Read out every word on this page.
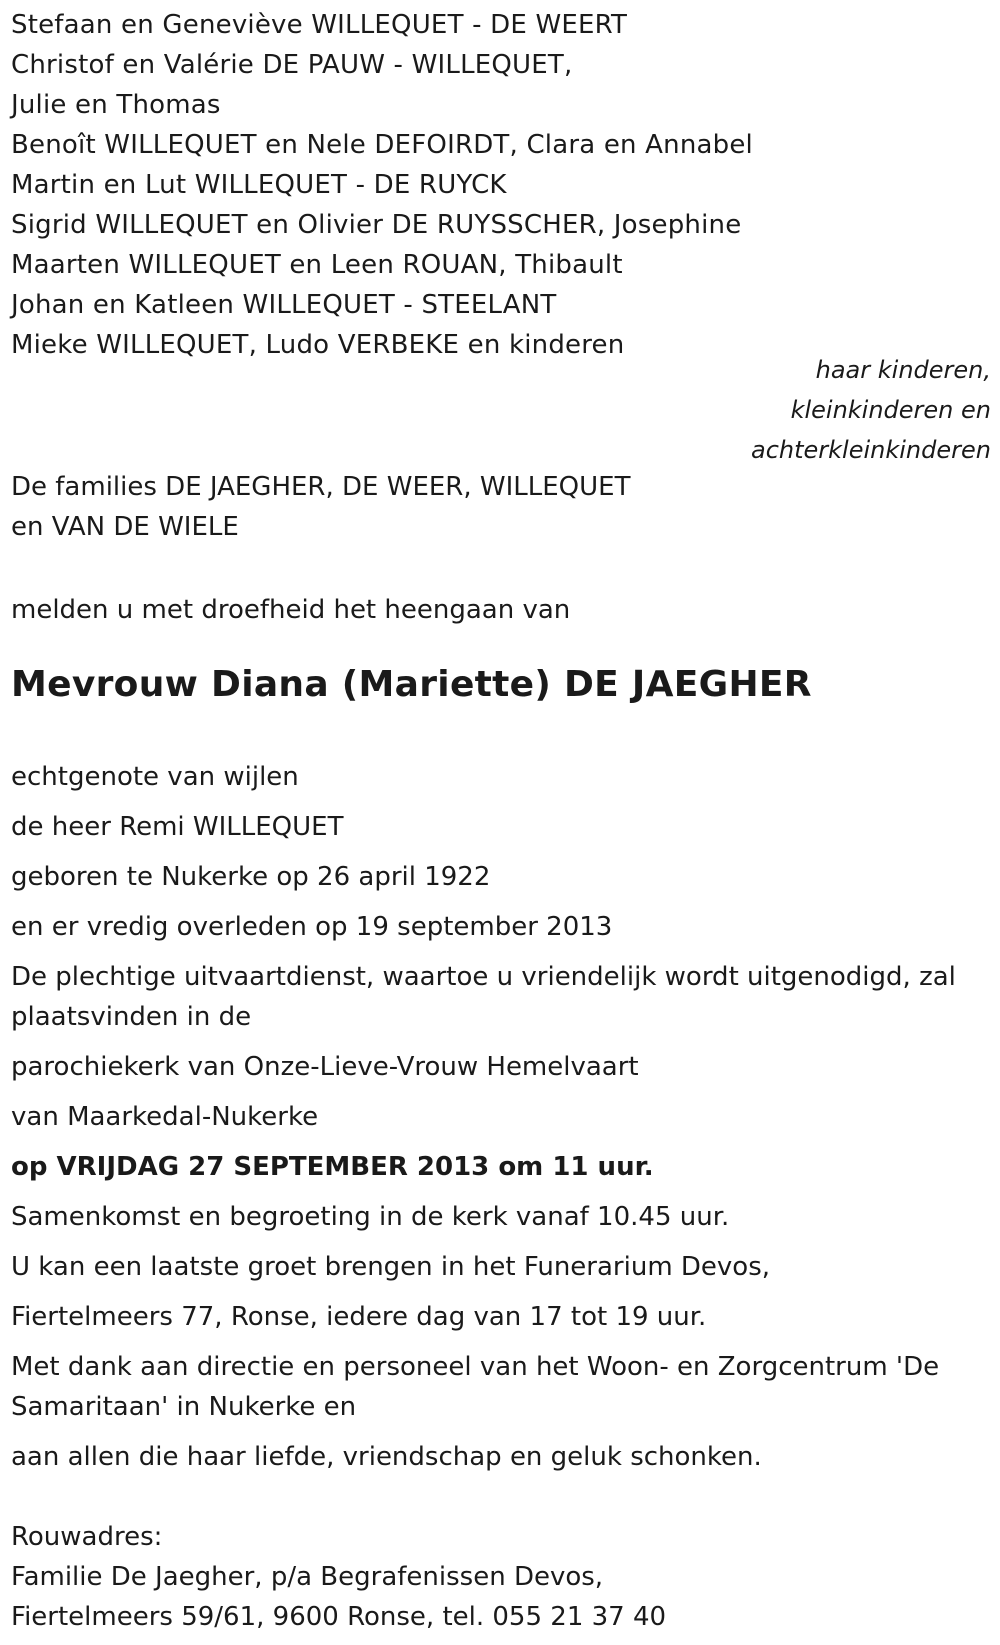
Stefaan en Geneviève WILLEQUET - DE WEERT
Christof en Valérie DE PAUW - WILLEQUET,
Julie en Thomas
Benoît WILLEQUET en Nele DEFOIRDT, Clara en Annabel
Martin en Lut WILLEQUET - DE RUYCK
Sigrid WILLEQUET en Olivier DE RUYSSCHER, Josephine
Maarten WILLEQUET en Leen ROUAN, Thibault
Johan en Katleen WILLEQUET - STEELANT
Mieke WILLEQUET, Ludo VERBEKE en kinderen
haar kinderen,
kleinkinderen en
achterkleinkinderen
De families DE JAEGHER, DE WEER, WILLEQUET
en VAN DE WIELE
melden u met droefheid het heengaan van
Mevrouw Diana (Mariette) DE JAEGHER

echtgenote van wijlen

de heer Remi WILLEQUET

geboren te Nukerke op 26 april 1922

en er vredig overleden op 19 september 2013

De plechtige uitvaartdienst, waartoe u vriendelijk wordt uitgenodigd, zal plaatsvinden in de

parochiekerk van Onze-Lieve-Vrouw Hemelvaart

van Maarkedal-Nukerke

op VRIJDAG 27 SEPTEMBER 2013 om 11 uur.

Samenkomst en begroeting in de kerk vanaf 10.45 uur.

U kan een laatste groet brengen in het Funerarium Devos,

Fiertelmeers 77, Ronse, iedere dag van 17 tot 19 uur.

Met dank aan directie en personeel van het Woon- en Zorgcentrum 'De Samaritaan' in Nukerke en

aan allen die haar liefde, vriendschap en geluk schonken.

Rouwadres:
Familie De Jaegher, p/a Begrafenissen Devos,
Fiertelmeers 59/61, 9600 Ronse, tel. 055 21 37 40
